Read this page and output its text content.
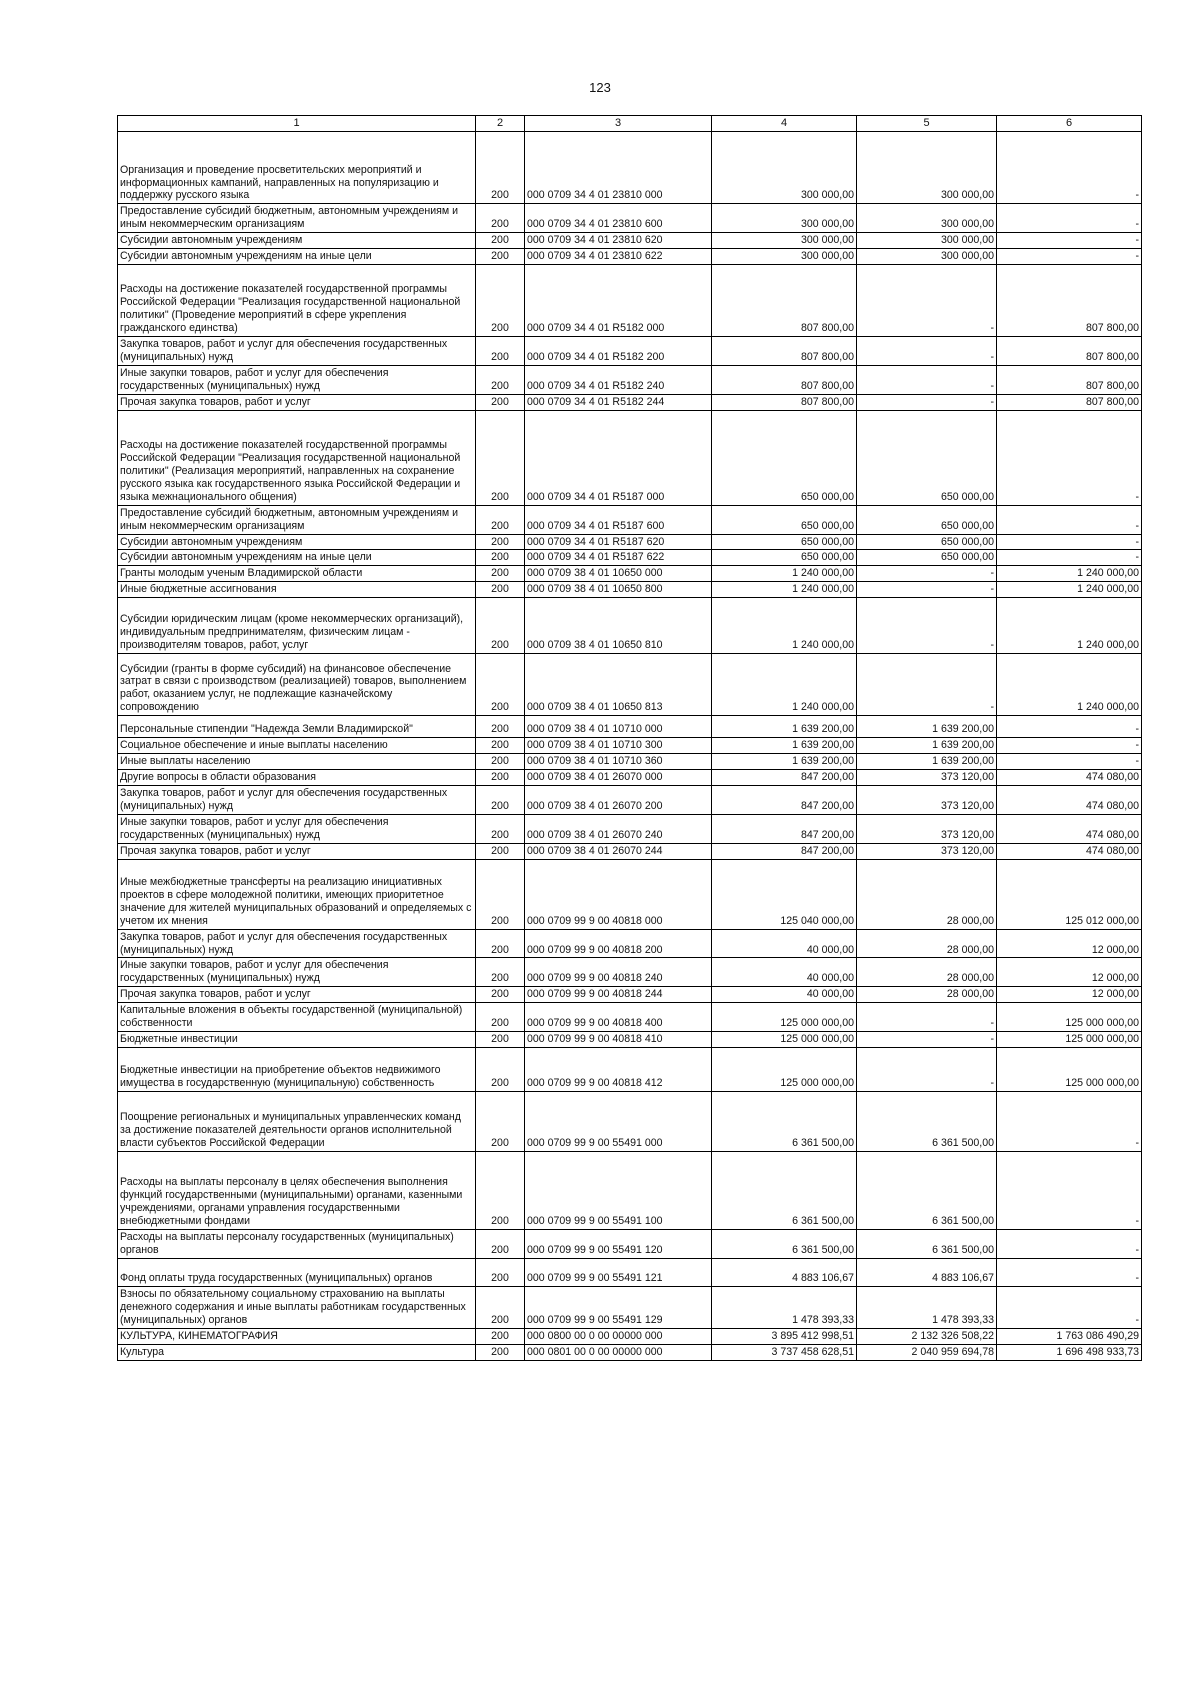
123
1	2	3	4	5	6
Организация и проведение просветительских мероприятий и информационных кампаний, направленных на популяризацию и поддержку русского языка	200	000 0709 34 4 01 23810 000	300 000,00	300 000,00	-
Предоставление субсидий бюджетным, автономным учреждениям и иным некоммерческим организациям	200	000 0709 34 4 01 23810 600	300 000,00	300 000,00	-
Субсидии автономным учреждениям	200	000 0709 34 4 01 23810 620	300 000,00	300 000,00	-
Субсидии автономным учреждениям на иные цели	200	000 0709 34 4 01 23810 622	300 000,00	300 000,00	-
Расходы на достижение показателей государственной программы Российской Федерации "Реализация государственной национальной политики" (Проведение мероприятий в сфере укрепления гражданского единства)	200	000 0709 34 4 01 R5182 000	807 800,00	-	807 800,00
Закупка товаров, работ и услуг для обеспечения государственных (муниципальных) нужд	200	000 0709 34 4 01 R5182 200	807 800,00	-	807 800,00
Иные закупки товаров, работ и услуг для обеспечения государственных (муниципальных) нужд	200	000 0709 34 4 01 R5182 240	807 800,00	-	807 800,00
Прочая закупка товаров, работ и услуг	200	000 0709 34 4 01 R5182 244	807 800,00	-	807 800,00
Расходы на достижение показателей государственной программы Российской Федерации "Реализация государственной национальной политики" (Реализация мероприятий, направленных на сохранение русского языка как государственного языка Российской Федерации и языка межнационального общения)	200	000 0709 34 4 01 R5187 000	650 000,00	650 000,00	-
Предоставление субсидий бюджетным, автономным учреждениям и иным некоммерческим организациям	200	000 0709 34 4 01 R5187 600	650 000,00	650 000,00	-
Субсидии автономным учреждениям	200	000 0709 34 4 01 R5187 620	650 000,00	650 000,00	-
Субсидии автономным учреждениям на иные цели	200	000 0709 34 4 01 R5187 622	650 000,00	650 000,00	-
Гранты молодым ученым Владимирской области	200	000 0709 38 4 01 10650 000	1 240 000,00	-	1 240 000,00
Иные бюджетные ассигнования	200	000 0709 38 4 01 10650 800	1 240 000,00	-	1 240 000,00
Субсидии юридическим лицам (кроме некоммерческих организаций), индивидуальным предпринимателям, физическим лицам - производителям товаров, работ, услуг	200	000 0709 38 4 01 10650 810	1 240 000,00	-	1 240 000,00
Субсидии (гранты в форме субсидий) на финансовое обеспечение затрат в связи с производством (реализацией) товаров, выполнением работ, оказанием услуг, не подлежащие казначейскому сопровождению	200	000 0709 38 4 01 10650 813	1 240 000,00	-	1 240 000,00
Персональные стипендии "Надежда Земли Владимирской"	200	000 0709 38 4 01 10710 000	1 639 200,00	1 639 200,00	-
Социальное обеспечение и иные выплаты населению	200	000 0709 38 4 01 10710 300	1 639 200,00	1 639 200,00	-
Иные выплаты населению	200	000 0709 38 4 01 10710 360	1 639 200,00	1 639 200,00	-
Другие вопросы в области образования	200	000 0709 38 4 01 26070 000	847 200,00	373 120,00	474 080,00
Закупка товаров, работ и услуг для обеспечения государственных (муниципальных) нужд	200	000 0709 38 4 01 26070 200	847 200,00	373 120,00	474 080,00
Иные закупки товаров, работ и услуг для обеспечения государственных (муниципальных) нужд	200	000 0709 38 4 01 26070 240	847 200,00	373 120,00	474 080,00
Прочая закупка товаров, работ и услуг	200	000 0709 38 4 01 26070 244	847 200,00	373 120,00	474 080,00
Иные межбюджетные трансферты на реализацию инициативных проектов в сфере молодежной политики, имеющих приоритетное значение для жителей муниципальных образований и определяемых с учетом их мнения	200	000 0709 99 9 00 40818 000	125 040 000,00	28 000,00	125 012 000,00
Закупка товаров, работ и услуг для обеспечения государственных (муниципальных) нужд	200	000 0709 99 9 00 40818 200	40 000,00	28 000,00	12 000,00
Иные закупки товаров, работ и услуг для обеспечения государственных (муниципальных) нужд	200	000 0709 99 9 00 40818 240	40 000,00	28 000,00	12 000,00
Прочая закупка товаров, работ и услуг	200	000 0709 99 9 00 40818 244	40 000,00	28 000,00	12 000,00
Капитальные вложения в объекты государственной (муниципальной) собственности	200	000 0709 99 9 00 40818 400	125 000 000,00	-	125 000 000,00
Бюджетные инвестиции	200	000 0709 99 9 00 40818 410	125 000 000,00	-	125 000 000,00
Бюджетные инвестиции на приобретение объектов недвижимого имущества в государственную (муниципальную) собственность	200	000 0709 99 9 00 40818 412	125 000 000,00	-	125 000 000,00
Поощрение региональных и муниципальных управленческих команд за достижение показателей деятельности органов исполнительной власти субъектов Российской Федерации	200	000 0709 99 9 00 55491 000	6 361 500,00	6 361 500,00	-
Расходы на выплаты персоналу в целях обеспечения выполнения функций государственными (муниципальными) органами, казенными учреждениями, органами управления государственными внебюджетными фондами	200	000 0709 99 9 00 55491 100	6 361 500,00	6 361 500,00	-
Расходы на выплаты персоналу государственных (муниципальных) органов	200	000 0709 99 9 00 55491 120	6 361 500,00	6 361 500,00	-
Фонд оплаты труда государственных (муниципальных) органов	200	000 0709 99 9 00 55491 121	4 883 106,67	4 883 106,67	-
Взносы по обязательному социальному страхованию на выплаты денежного содержания и иные выплаты работникам государственных (муниципальных) органов	200	000 0709 99 9 00 55491 129	1 478 393,33	1 478 393,33	-
КУЛЬТУРА, КИНЕМАТОГРАФИЯ	200	000 0800 00 0 00 00000 000	3 895 412 998,51	2 132 326 508,22	1 763 086 490,29
Культура	200	000 0801 00 0 00 00000 000	3 737 458 628,51	2 040 959 694,78	1 696 498 933,73
